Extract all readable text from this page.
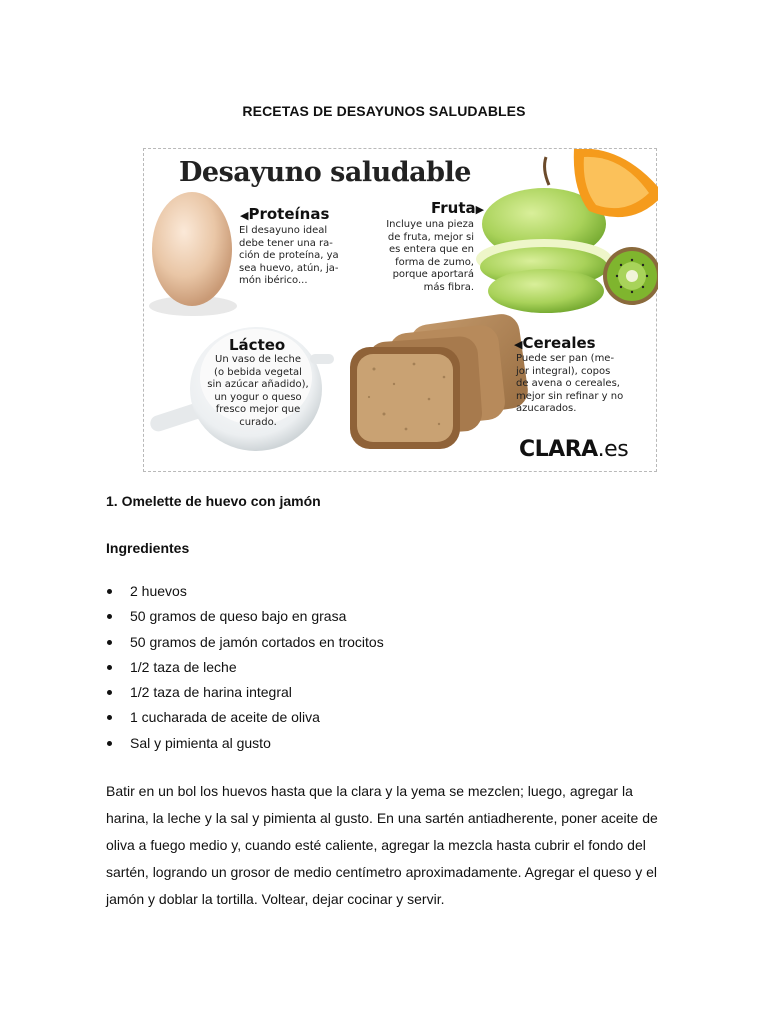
RECETAS DE DESAYUNOS SALUDABLES
Desayuno saludable
◀Proteínas
El desayuno ideal
debe tener una ra-
ción de proteína, ya
sea huevo, atún, ja-
món ibérico...
Fruta▶
Incluye una pieza
de fruta, mejor si
es entera que en
forma de zumo,
porque aportará
más fibra.
Lácteo
Un vaso de leche
(o bebida vegetal
sin azúcar añadido),
un yogur o queso
fresco mejor que
curado.
◀Cereales
Puede ser pan (me-
jor integral), copos
de avena o cereales,
mejor sin refinar y no
azucarados.
CLARA.es
1. Omelette de huevo con jamón
Ingredientes
2 huevos
50 gramos de queso bajo en grasa
50 gramos de jamón cortados en trocitos
1/2 taza de leche
1/2 taza de harina integral
1 cucharada de aceite de oliva
Sal y pimienta al gusto
Batir en un bol los huevos hasta que la clara y la yema se mezclen; luego, agregar la harina, la leche y la sal y pimienta al gusto. En una sartén antiadherente, poner aceite de oliva a fuego medio y, cuando esté caliente, agregar la mezcla hasta cubrir el fondo del sartén, logrando un grosor de medio centímetro aproximadamente. Agregar el queso y el jamón y doblar la tortilla. Voltear, dejar cocinar y servir.
